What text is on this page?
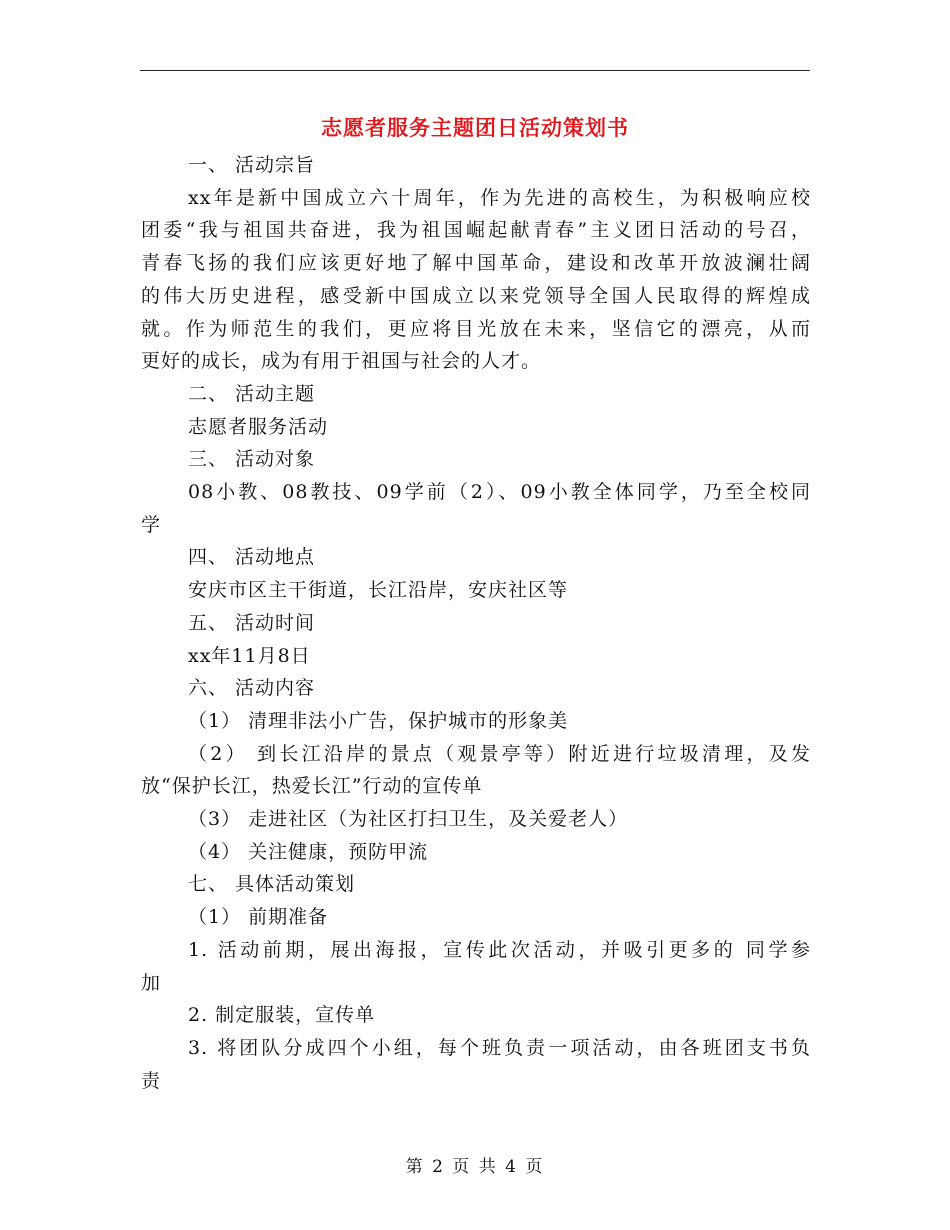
志愿者服务主题团日活动策划书
一、 活动宗旨
xx年是新中国成立六十周年，作为先进的高校生，为积极响应校
团委“我与祖国共奋进，我为祖国崛起献青春”主义团日活动的号召，
青春飞扬的我们应该更好地了解中国革命，建设和改革开放波澜壮阔
的伟大历史进程，感受新中国成立以来党领导全国人民取得的辉煌成
就。作为师范生的我们，更应将目光放在未来，坚信它的漂亮，从而
更好的成长，成为有用于祖国与社会的人才。
二、 活动主题
志愿者服务活动
三、 活动对象
08小教、08教技、09学前（2）、09小教全体同学，乃至全校同
学
四、 活动地点
安庆市区主干街道，长江沿岸，安庆社区等
五、 活动时间
xx年11月8日
六、 活动内容
（1） 清理非法小广告，保护城市的形象美
（2） 到长江沿岸的景点（观景亭等）附近进行垃圾清理，及发
放“保护长江，热爱长江”行动的宣传单
（3） 走进社区（为社区打扫卫生，及关爱老人）
（4） 关注健康，预防甲流
七、 具体活动策划
（1） 前期准备
1. 活动前期，展出海报，宣传此次活动，并吸引更多的 同学参
加
2. 制定服装，宣传单
3. 将团队分成四个小组，每个班负责一项活动，由各班团支书负
责
第 2 页 共 4 页
